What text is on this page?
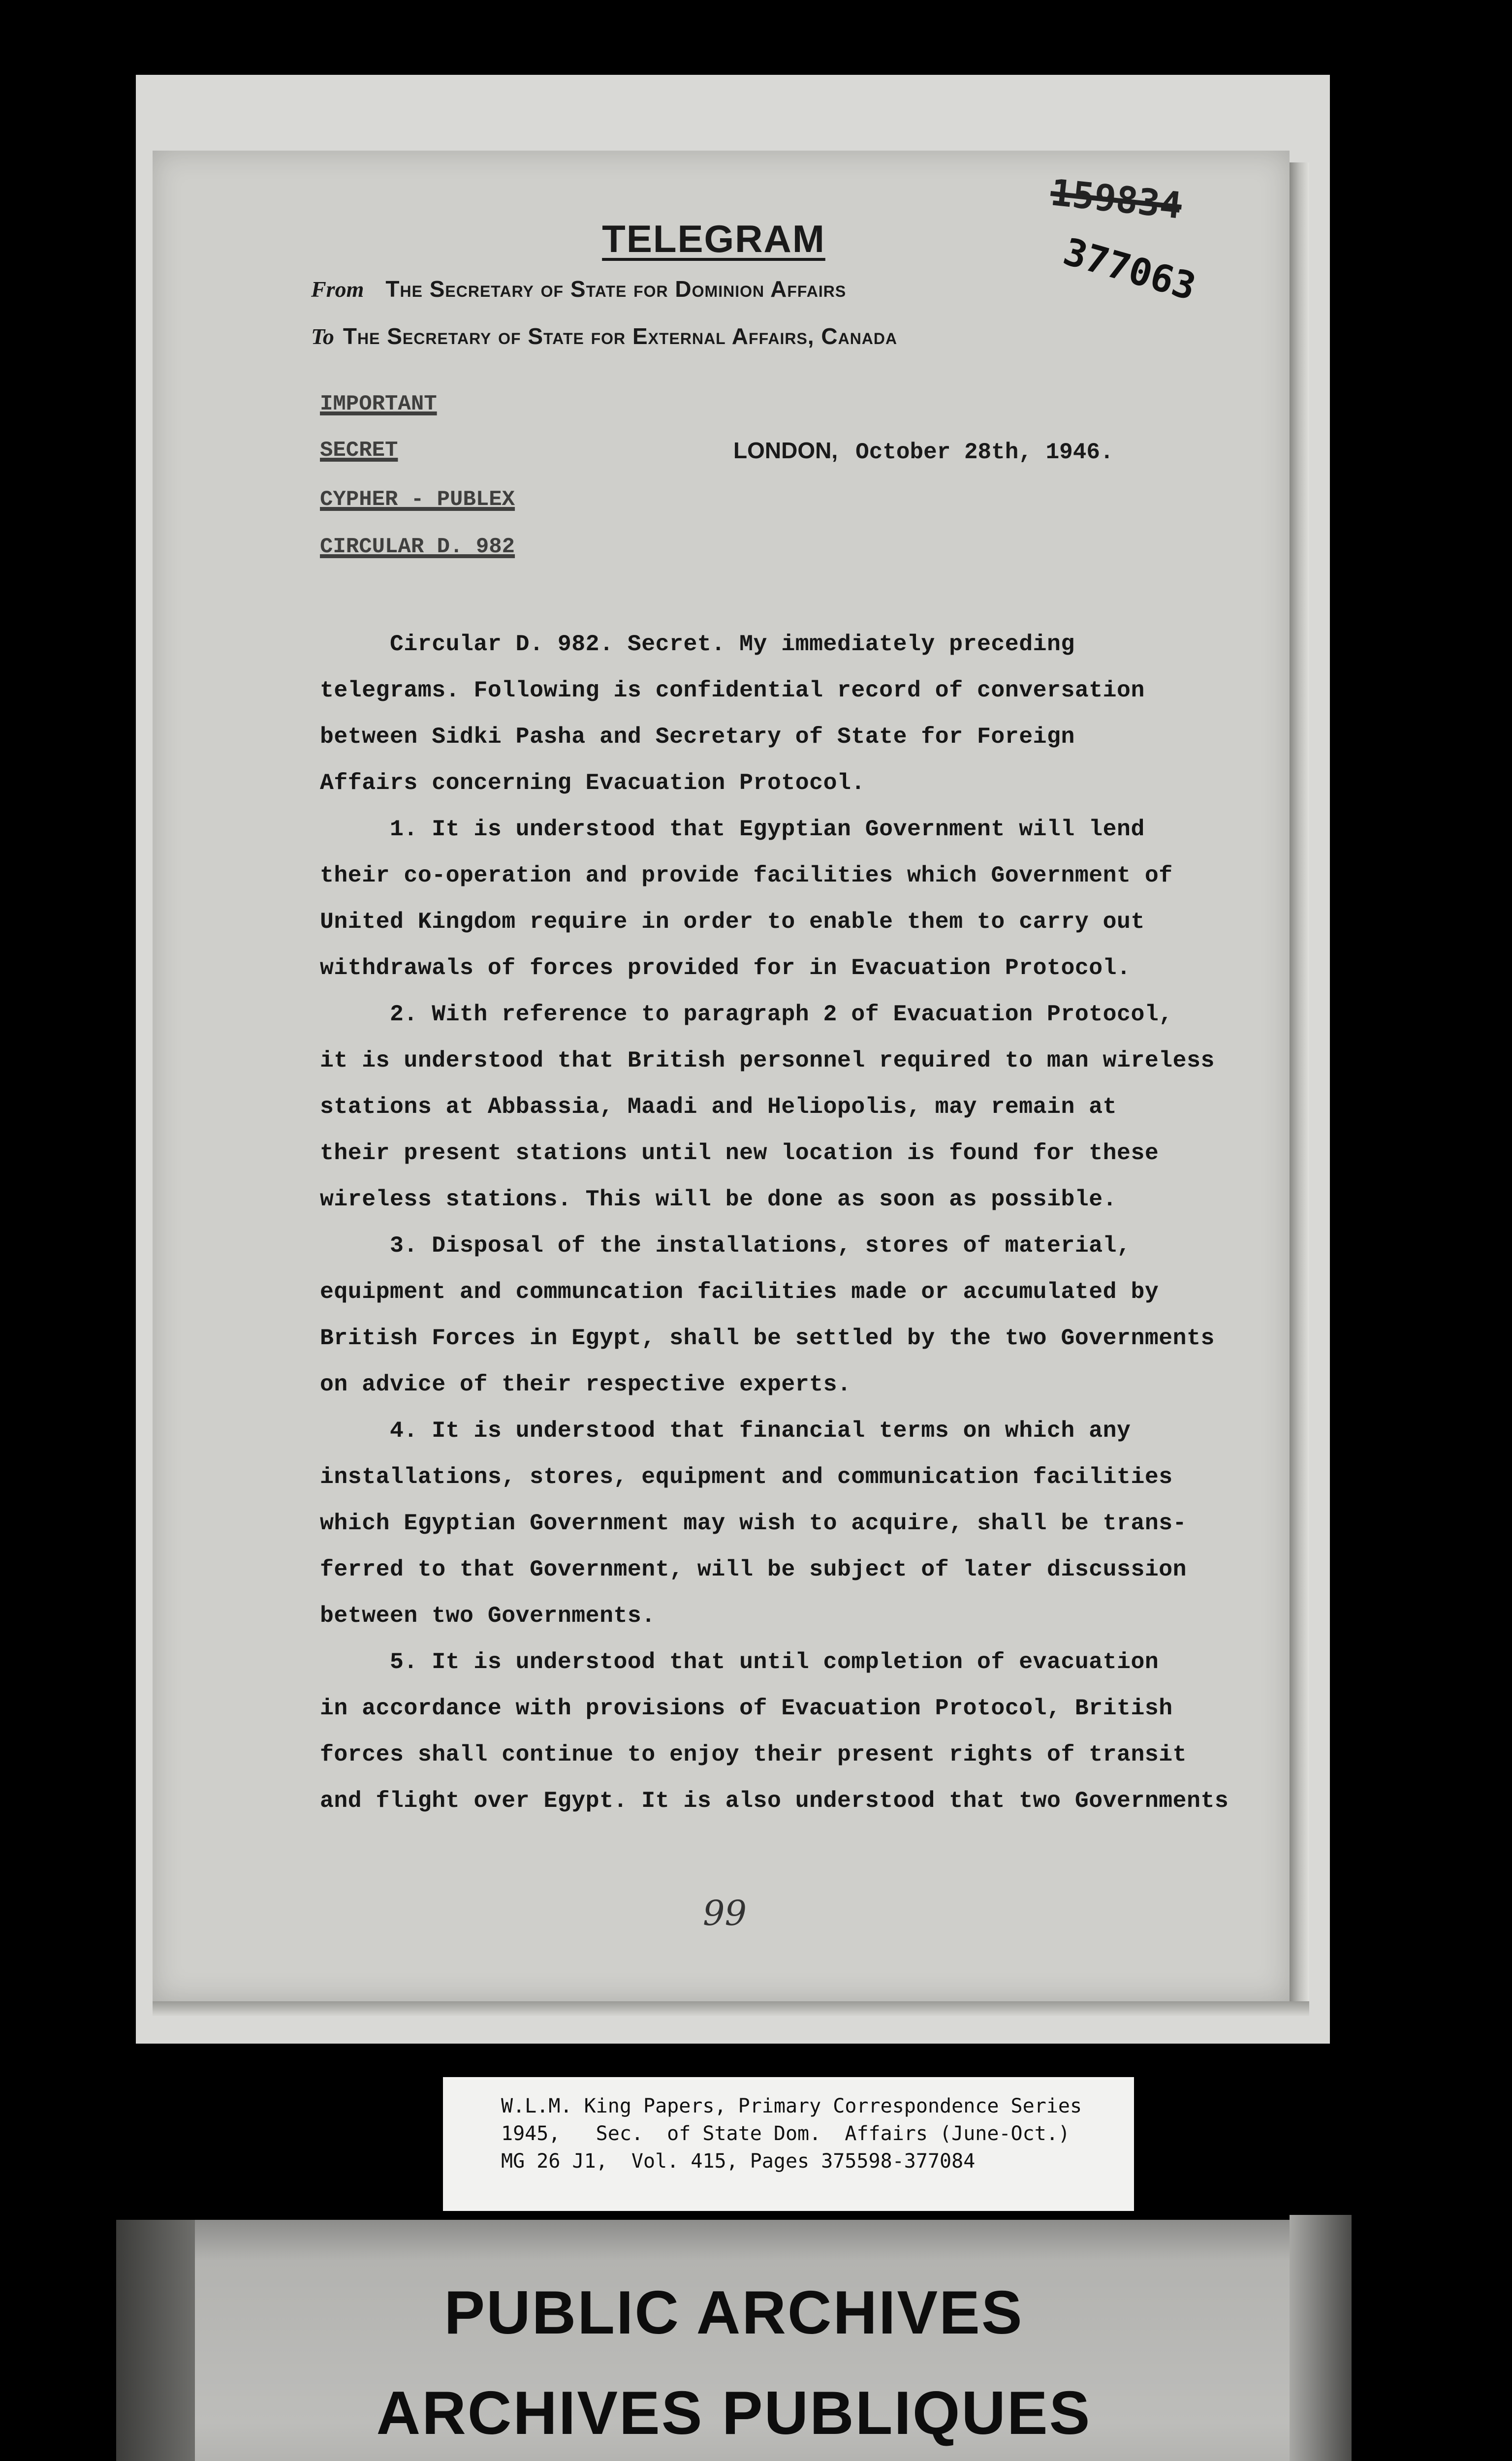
TELEGRAM
159834
377063
From The Secretary of State for Dominion Affairs
To The Secretary of State for External Affairs, Canada
IMPORTANT
SECRET
CYPHER - PUBLEX
CIRCULAR D. 982
LONDON, October 28th, 1946.
Circular D. 982. Secret. My immediately preceding
telegrams. Following is confidential record of conversation
between Sidki Pasha and Secretary of State for Foreign
Affairs concerning Evacuation Protocol.
1. It is understood that Egyptian Government will lend
their co-operation and provide facilities which Government of
United Kingdom require in order to enable them to carry out
withdrawals of forces provided for in Evacuation Protocol.
2. With reference to paragraph 2 of Evacuation Protocol,
it is understood that British personnel required to man wireless
stations at Abbassia, Maadi and Heliopolis, may remain at
their present stations until new location is found for these
wireless stations. This will be done as soon as possible.
3. Disposal of the installations, stores of material,
equipment and communcation facilities made or accumulated by
British Forces in Egypt, shall be settled by the two Governments
on advice of their respective experts.
4. It is understood that financial terms on which any
installations, stores, equipment and communication facilities
which Egyptian Government may wish to acquire, shall be trans-
ferred to that Government, will be subject of later discussion
between two Governments.
5. It is understood that until completion of evacuation
in accordance with provisions of Evacuation Protocol, British
forces shall continue to enjoy their present rights of transit
and flight over Egypt. It is also understood that two Governments
99
W.L.M. King Papers, Primary Correspondence Series
1945,   Sec.  of State Dom.  Affairs (June-Oct.)
MG 26 J1,  Vol. 415, Pages 375598-377084
PUBLIC ARCHIVES
ARCHIVES PUBLIQUES
